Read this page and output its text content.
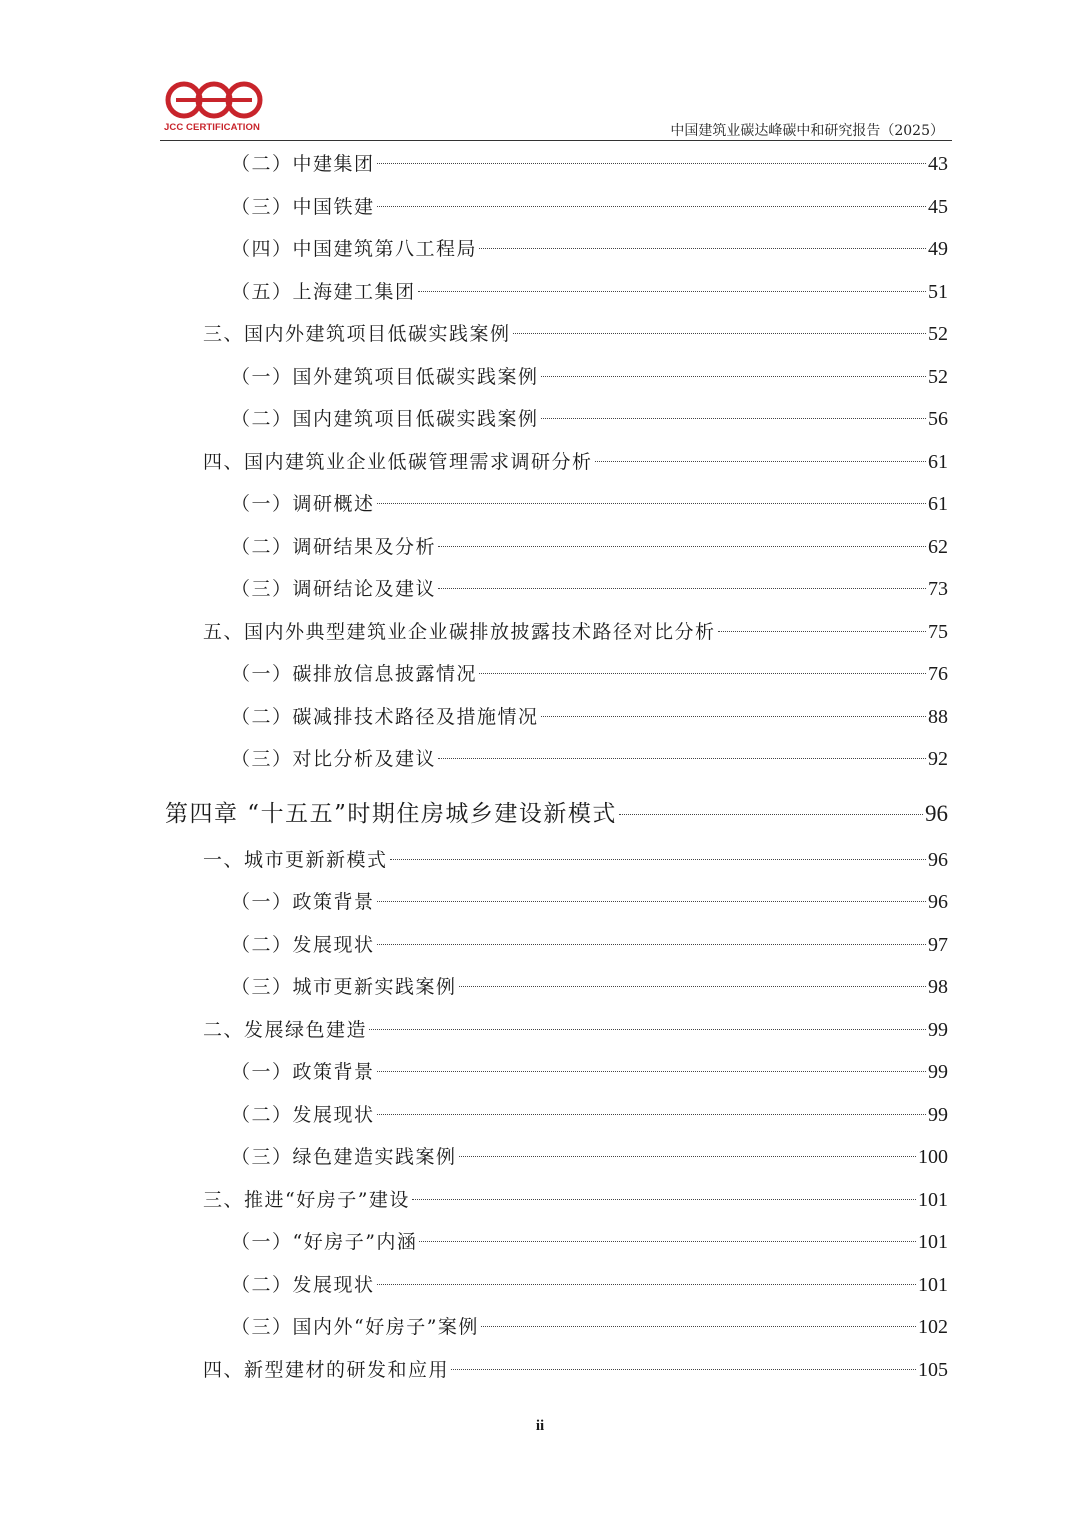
JCC CERTIFICATION	中国建筑业碳达峰碳中和研究报告（2025）
（二）中建集团	43
（三）中国铁建	45
（四）中国建筑第八工程局	49
（五）上海建工集团	51
三、国内外建筑项目低碳实践案例	52
（一）国外建筑项目低碳实践案例	52
（二）国内建筑项目低碳实践案例	56
四、国内建筑业企业低碳管理需求调研分析	61
（一）调研概述	61
（二）调研结果及分析	62
（三）调研结论及建议	73
五、国内外典型建筑业企业碳排放披露技术路径对比分析	75
（一）碳排放信息披露情况	76
（二）碳减排技术路径及措施情况	88
（三）对比分析及建议	92
第四章 “十五五”时期住房城乡建设新模式	96
一、城市更新新模式	96
（一）政策背景	96
（二）发展现状	97
（三）城市更新实践案例	98
二、发展绿色建造	99
（一）政策背景	99
（二）发展现状	99
（三）绿色建造实践案例	100
三、推进“好房子”建设	101
（一）“好房子”内涵	101
（二）发展现状	101
（三）国内外“好房子”案例	102
四、新型建材的研发和应用	105
ii
